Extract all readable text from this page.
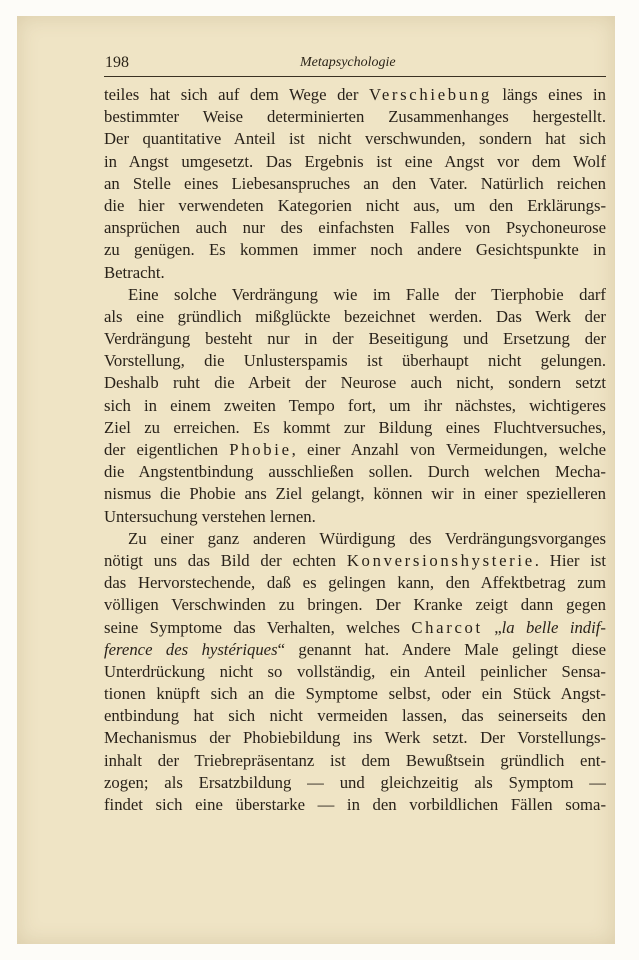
198	Metapsychologie
teiles hat sich auf dem Wege der Verschiebung längs eines in
bestimmter Weise determinierten Zusammenhanges hergestellt.
Der quantitative Anteil ist nicht verschwunden, sondern hat sich
in Angst umgesetzt. Das Ergebnis ist eine Angst vor dem Wolf
an Stelle eines Liebesanspruches an den Vater. Natürlich reichen
die hier verwendeten Kategorien nicht aus, um den Erklärungs-
ansprüchen auch nur des einfachsten Falles von Psychoneurose
zu genügen. Es kommen immer noch andere Gesichtspunkte in
Betracht.
Eine solche Verdrängung wie im Falle der Tierphobie darf
als eine gründlich mißglückte bezeichnet werden. Das Werk der
Verdrängung besteht nur in der Beseitigung und Ersetzung der
Vorstellung, die Unlusterspamis ist überhaupt nicht gelungen.
Deshalb ruht die Arbeit der Neurose auch nicht, sondern setzt
sich in einem zweiten Tempo fort, um ihr nächstes, wichtigeres
Ziel zu erreichen. Es kommt zur Bildung eines Fluchtversuches,
der eigentlichen Phobie, einer Anzahl von Vermeidungen, welche
die Angstentbindung ausschließen sollen. Durch welchen Mecha-
nismus die Phobie ans Ziel gelangt, können wir in einer spezielleren
Untersuchung verstehen lernen.
Zu einer ganz anderen Würdigung des Verdrängungsvorganges
nötigt uns das Bild der echten Konversionshysterie. Hier ist
das Hervorstechende, daß es gelingen kann, den Affektbetrag zum
völligen Verschwinden zu bringen. Der Kranke zeigt dann gegen
seine Symptome das Verhalten, welches Charcot „la belle indif-
ference des hystériques“ genannt hat. Andere Male gelingt diese
Unterdrückung nicht so vollständig, ein Anteil peinlicher Sensa-
tionen knüpft sich an die Symptome selbst, oder ein Stück Angst-
entbindung hat sich nicht vermeiden lassen, das seinerseits den
Mechanismus der Phobiebildung ins Werk setzt. Der Vorstellungs-
inhalt der Triebrepräsentanz ist dem Bewußtsein gründlich ent-
zogen; als Ersatzbildung — und gleichzeitig als Symptom —
findet sich eine überstarke — in den vorbildlichen Fällen soma-
